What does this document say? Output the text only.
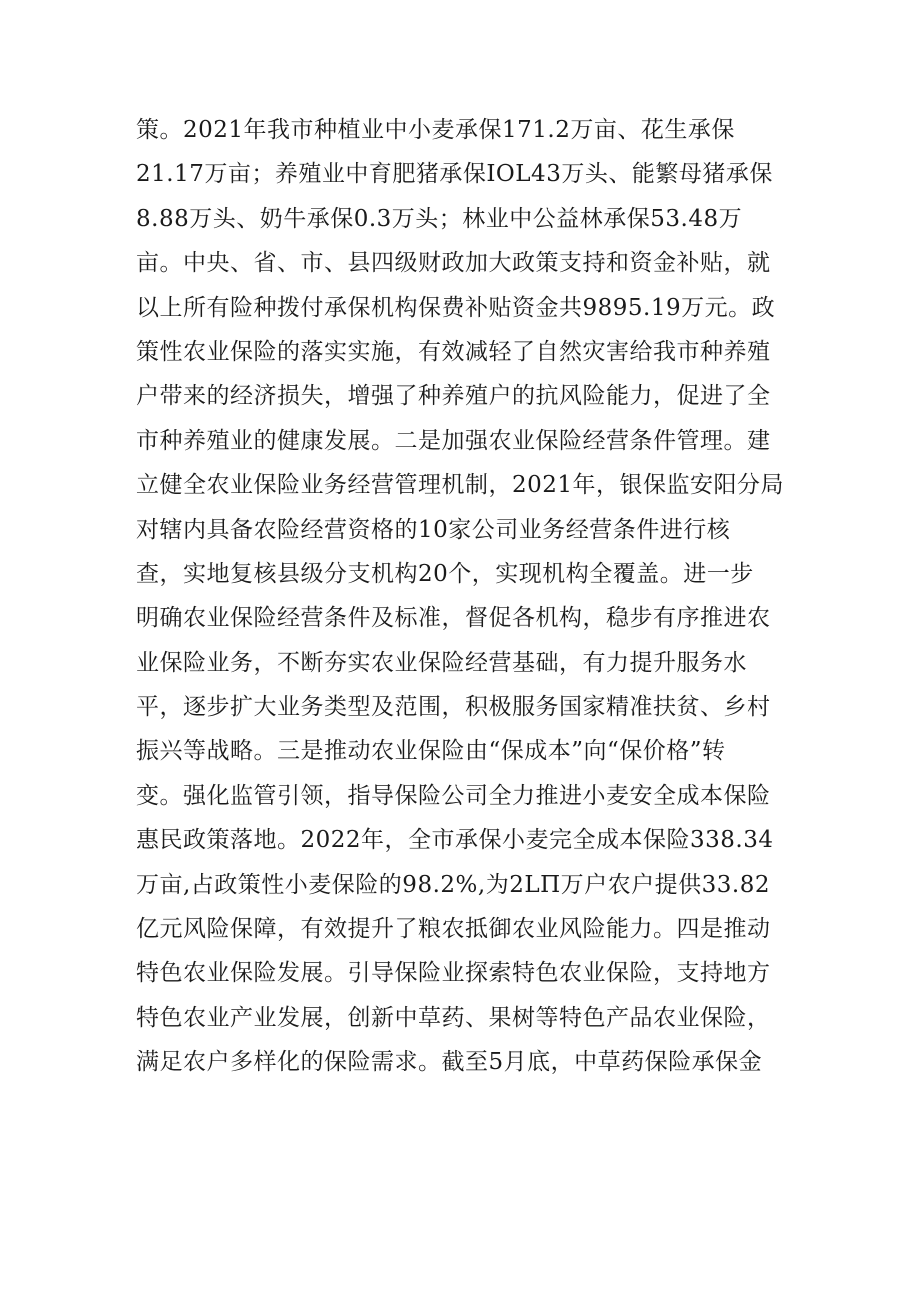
策。2021年我市种植业中小麦承保171.2万亩、花生承保
21.17万亩；养殖业中育肥猪承保IOL43万头、能繁母猪承保
8.88万头、奶牛承保0.3万头；林业中公益林承保53.48万
亩。中央、省、市、县四级财政加大政策支持和资金补贴，就
以上所有险种拨付承保机构保费补贴资金共9895.19万元。政
策性农业保险的落实实施，有效减轻了自然灾害给我市种养殖
户带来的经济损失，增强了种养殖户的抗风险能力，促进了全
市种养殖业的健康发展。二是加强农业保险经营条件管理。建
立健全农业保险业务经营管理机制，2021年，银保监安阳分局
对辖内具备农险经营资格的10家公司业务经营条件进行核
查，实地复核县级分支机构20个，实现机构全覆盖。进一步
明确农业保险经营条件及标准，督促各机构，稳步有序推进农
业保险业务，不断夯实农业保险经营基础，有力提升服务水
平，逐步扩大业务类型及范围，积极服务国家精准扶贫、乡村
振兴等战略。三是推动农业保险由“保成本”向“保价格”转
变。强化监管引领，指导保险公司全力推进小麦安全成本保险
惠民政策落地。2022年，全市承保小麦完全成本保险338.34
万亩,占政策性小麦保险的98.2%,为2LΠ万户农户提供33.82
亿元风险保障，有效提升了粮农抵御农业风险能力。四是推动
特色农业保险发展。引导保险业探索特色农业保险，支持地方
特色农业产业发展，创新中草药、果树等特色产品农业保险，
满足农户多样化的保险需求。截至5月底，中草药保险承保金
